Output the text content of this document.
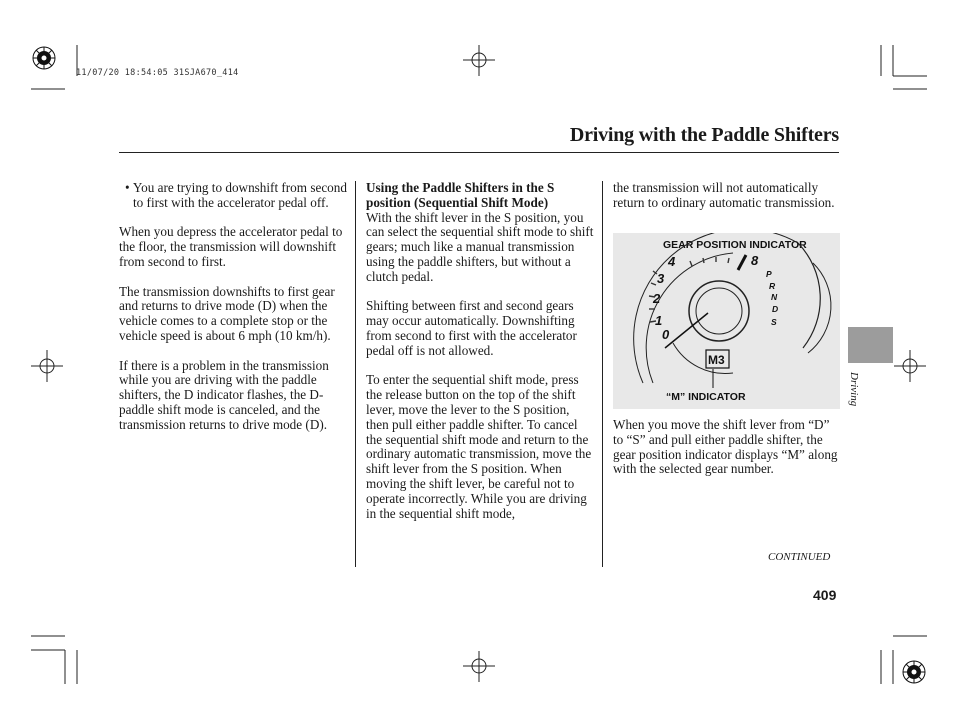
11/07/20 18:54:05 31SJA670_414
Driving with the Paddle Shifters

• You are trying to downshift from second to first with the accelerator pedal off.

When you depress the accelerator pedal to the floor, the transmission will downshift from second to first.

The transmission downshifts to first gear and returns to drive mode (D) when the vehicle comes to a complete stop or the vehicle speed is about 6 mph (10 km/h).

If there is a problem in the transmission while you are driving with the paddle shifters, the D indicator flashes, the D-paddle shift mode is canceled, and the transmission returns to drive mode (D).

Using the Paddle Shifters in the S position (Sequential Shift Mode)
With the shift lever in the S position, you can select the sequential shift mode to shift gears; much like a manual transmission using the paddle shifters, but without a clutch pedal.

Shifting between first and second gears may occur automatically. Downshifting from second to first with the accelerator pedal off is not allowed.

To enter the sequential shift mode, press the release button on the top of the shift lever, move the lever to the S position, then pull either paddle shifter. To cancel the sequential shift mode and return to the ordinary automatic transmission, move the shift lever from the S position. When moving the shift lever, be careful not to operate incorrectly. While you are driving in the sequential shift mode,

the transmission will not automatically return to ordinary automatic transmission.

GEAR POSITION INDICATOR
4
3
2
1
0
8
P
R
N
D
S
M3
“M” INDICATOR

When you move the shift lever from “D” to “S” and pull either paddle shifter, the gear position indicator displays “M” along with the selected gear number.

Driving
CONTINUED
409
